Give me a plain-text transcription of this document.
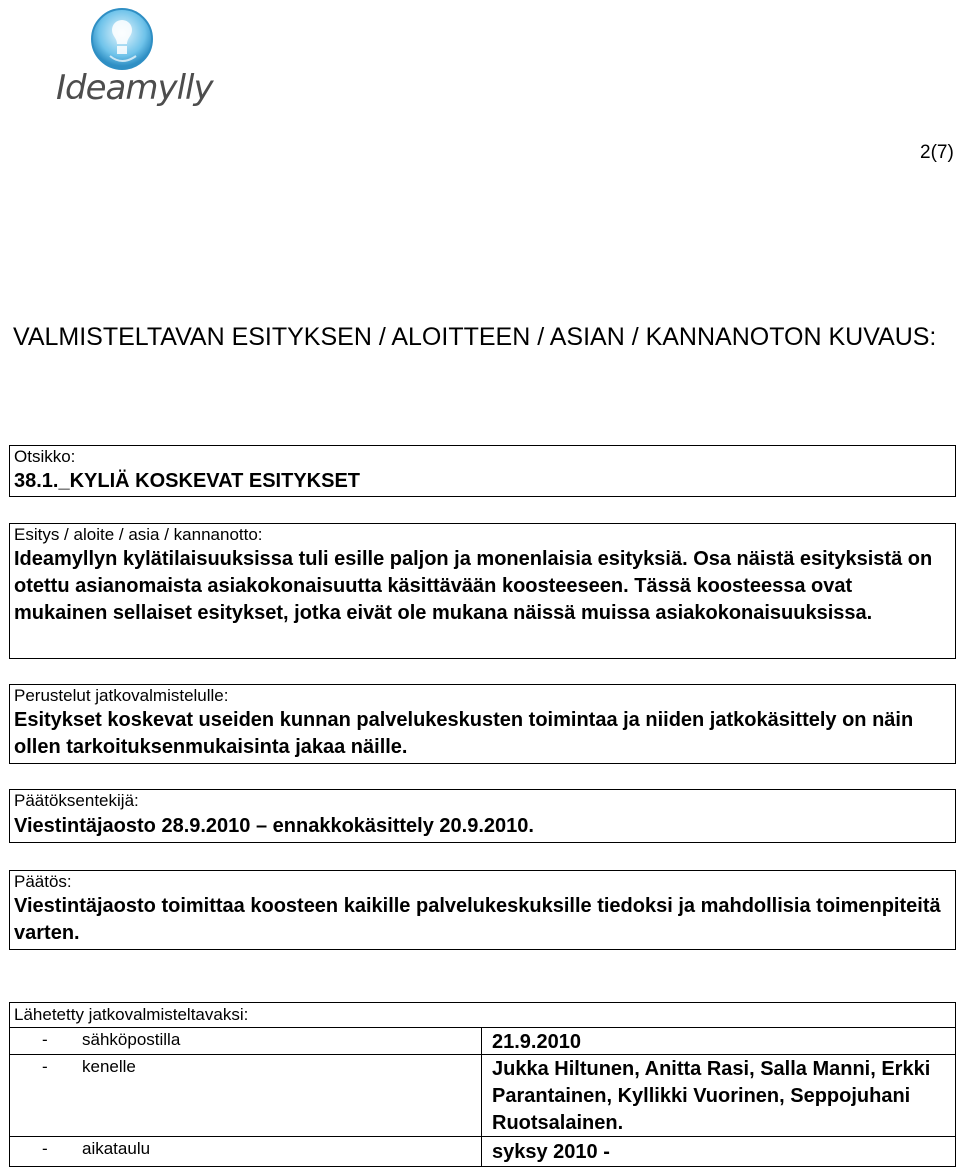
Ideamylly
2(7)
VALMISTELTAVAN ESITYKSEN / ALOITTEEN / ASIAN / KANNANOTON KUVAUS:
Otsikko:
38.1._KYLIÄ KOSKEVAT ESITYKSET
Esitys / aloite / asia / kannanotto:
Ideamyllyn kylätilaisuuksissa tuli esille paljon ja monenlaisia esityksiä. Osa näistä esityksistä on otettu asianomaista asiakokonaisuutta käsittävään koosteeseen. Tässä koosteessa ovat mukainen sellaiset esitykset, jotka eivät ole mukana näissä muissa asiakokonaisuuksissa.
Perustelut jatkovalmistelulle:
Esitykset koskevat useiden kunnan palvelukeskusten toimintaa ja niiden jatkokäsittely on näin ollen tarkoituksenmukaisinta jakaa näille.
Päätöksentekijä:
Viestintäjaosto 28.9.2010 – ennakkokäsittely 20.9.2010.
Päätös:
Viestintäjaosto toimittaa koosteen kaikille palvelukeskuksille tiedoksi ja mahdollisia toimenpiteitä varten.
Lähetetty jatkovalmisteltavaksi:
- sähköpostilla	21.9.2010
- kenelle	Jukka Hiltunen, Anitta Rasi, Salla Manni, Erkki Parantainen, Kyllikki Vuorinen, Seppojuhani Ruotsalainen.
- aikataulu	syksy 2010 -
